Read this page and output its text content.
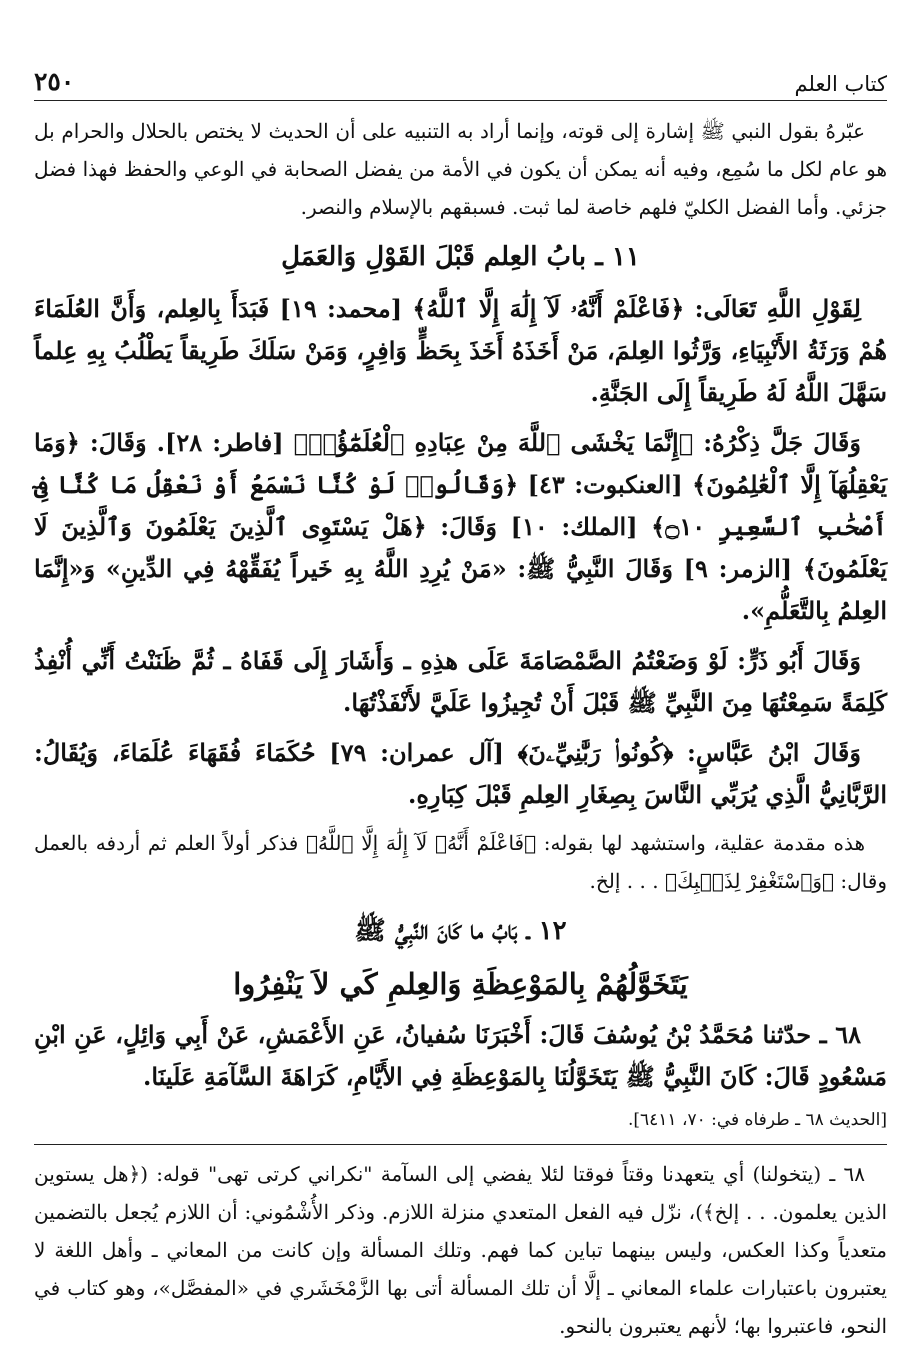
٢٥٠	كتاب العلم

عبّرهُ بقول النبي ﷺ إشارة إلى قوته، وإنما أراد به التنبيه على أن الحديث لا يختص بالحلال والحرام بل هو عام لكل ما سُمِع، وفيه أنه يمكن أن يكون في الأمة من يفضل الصحابة في الوعي والحفظ فهذا فضل جزئي. وأما الفضل الكليّ فلهم خاصة لما ثبت. فسبقهم بالإسلام والنصر.

١١ ـ بابُ العِلم قَبْلَ القَوْلِ وَالعَمَلِ

لِقَوْلِ اللَّهِ تَعَالَى: ﴿فَاعْلَمْ أَنَّهُۥ لَآ إِلَٰهَ إِلَّا ٱللَّهُ﴾ [محمد: ١٩] فَبَدَأَ بِالعِلم، وَأَنَّ العُلَمَاءَ هُمْ وَرَثَةُ الأَنْبِيَاءِ، وَرَّثُوا العِلمَ، مَنْ أَخَذَهُ أَخَذَ بِحَظٍّ وَافِرٍ، وَمَنْ سَلَكَ طَرِيقاً يَطْلُبُ بِهِ عِلماً سَهَّلَ اللَّهُ لَهُ طَرِيقاً إِلَى الجَنَّةِ.

وَقَالَ جَلَّ ذِكْرُهُ: ﴿إِنَّمَا يَخْشَى ٱللَّهَ مِنْ عِبَادِهِ ٱلْعُلَمَٰٓؤُا۟﴾ [فاطر: ٢٨]. وَقَالَ: ﴿وَمَا يَعْقِلُهَآ إِلَّا ٱلْعَٰلِمُونَ﴾ [العنكبوت: ٤٣] ﴿وَقَالُوا۟ لَوْ كُنَّا نَسْمَعُ أَوْ نَعْقِلُ مَا كُنَّا فِىٓ أَصْحَٰبِ ٱلسَّعِيرِ ۝١٠﴾ [الملك: ١٠] وَقَالَ: ﴿هَلْ يَسْتَوِى ٱلَّذِينَ يَعْلَمُونَ وَٱلَّذِينَ لَا يَعْلَمُونَ﴾ [الزمر: ٩] وَقَالَ النَّبِيُّ ﷺ: «مَنْ يُرِدِ اللَّهُ بِهِ خَيراً يُفَقِّهْهُ فِي الدِّينِ» وَ«إِنَّمَا العِلمُ بِالتَّعَلُّمِ».

وَقَالَ أَبُو ذَرٍّ: لَوْ وَضَعْتُمُ الصَّمْصَامَةَ عَلَى هذِهِ ـ وَأَشَارَ إِلَى قَفَاهُ ـ ثُمَّ ظَنَنْتُ أَنِّي أُنْفِذُ كَلِمَةً سَمِعْتُهَا مِنَ النَّبِيِّ ﷺ قَبْلَ أَنْ تُجِيزُوا عَلَيَّ لأَنْفَذْتُهَا.

وَقَالَ ابْنُ عَبَّاسٍ: ﴿كُونُوا۟ رَبَّٰنِيِّۦنَ﴾ [آل عمران: ٧٩] حُكَمَاءَ فُقَهَاءَ عُلَمَاءَ، وَيُقَالُ: الرَّبَّانِيُّ الَّذِي يُرَبِّي النَّاسَ بِصِغَارِ العِلمِ قَبْلَ كِبَارِهِ.

هذه مقدمة عقلية، واستشهد لها بقوله: ﴿فَاعْلَمْ أَنَّهُۥ لَآ إِلَٰهَ إِلَّا ٱللَّهُ﴾ فذكر أولاً العلم ثم أردفه بالعمل وقال: ﴿وَٱسْتَغْفِرْ لِذَنۢبِكَ﴾ . . . إلخ.

١٢ ـ بَابُ ما كَانَ النَّبِيُّ ﷺ
يَتَخَوَّلُهُمْ بِالمَوْعِظَةِ وَالعِلمِ كَي لاَ يَنْفِرُوا

٦٨ ـ حدّثنا مُحَمَّدُ بْنُ يُوسُفَ قَالَ: أَخْبَرَنَا سُفيانُ، عَنِ الأَعْمَشِ، عَنْ أَبِي وَائِلٍ، عَنِ ابْنِ مَسْعُودٍ قَالَ: كَانَ النَّبِيُّ ﷺ يَتَخَوَّلُنَا بِالمَوْعِظَةِ فِي الأَيَّامِ، كَرَاهَةَ السَّآمَةِ عَلَينَا.

[الحديث ٦٨ ـ طرفاه في: ٧٠، ٦٤١١].

٦٨ ـ (يتخولنا) أي يتعهدنا وقتاً فوقتا لئلا يفضي إلى السآمة "نكراني كرتى تهى" قوله: (﴿هل يستوين الذين يعلمون. . . إلخ﴾)، نزّل فيه الفعل المتعدي منزلة اللازم. وذكر الأُشْمُوني: أن اللازم يُجعل بالتضمين متعدياً وكذا العكس، وليس بينهما تباين كما فهم. وتلك المسألة وإن كانت من المعاني ـ وأهل اللغة لا يعتبرون باعتبارات علماء المعاني ـ إلَّا أن تلك المسألة أتى بها الزَّمْخَشَري في «المفصَّل»، وهو كتاب في النحو، فاعتبروا بها؛ لأنهم يعتبرون بالنحو.
